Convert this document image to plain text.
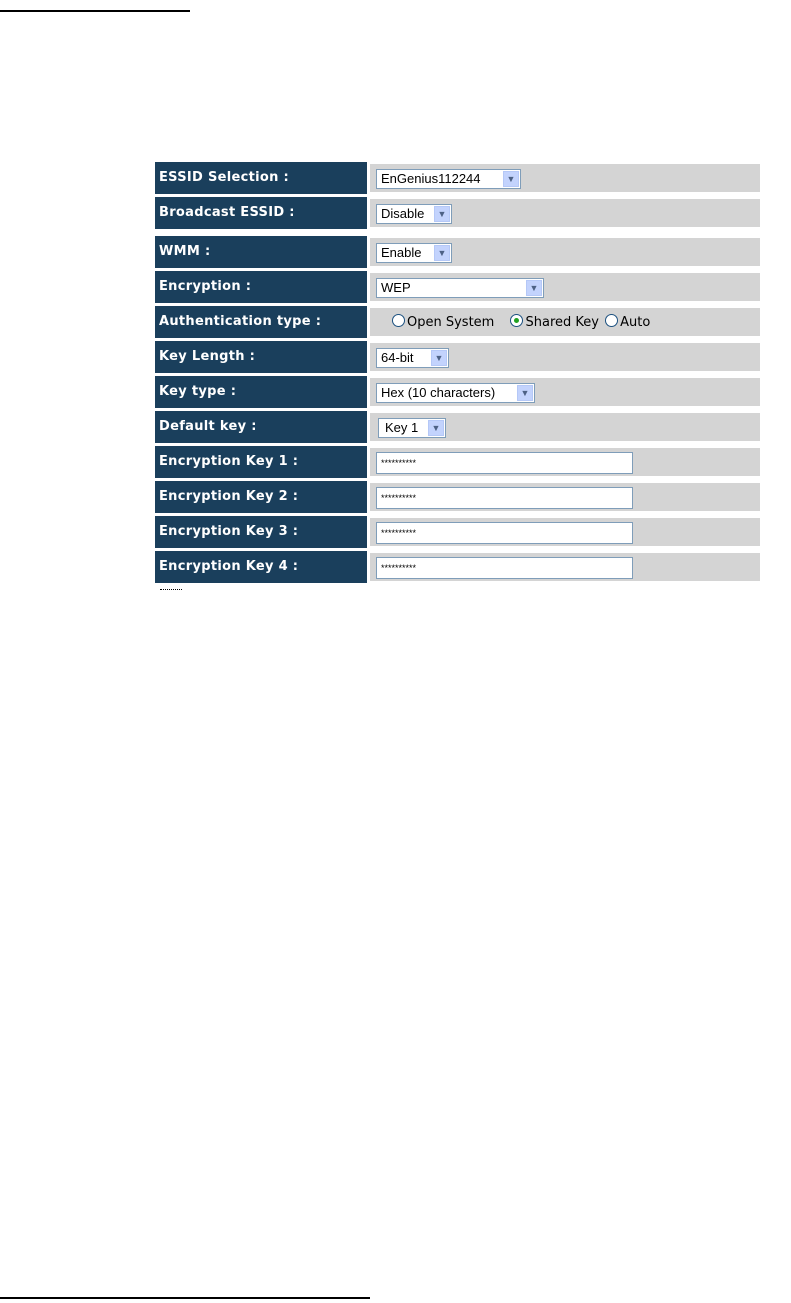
ESSID Selection :	EnGenius112244	▼
Broadcast ESSID :	Disable	▼
WMM :	Enable	▼
Encryption :	WEP	▼
Authentication type :	Open System Shared Key Auto
Key Length :	64-bit	▼
Key type :	Hex (10 characters)	▼
Default key :	Key 1	▼
Encryption Key 1 :	**********
Encryption Key 2 :	**********
Encryption Key 3 :	**********
Encryption Key 4 :	**********
